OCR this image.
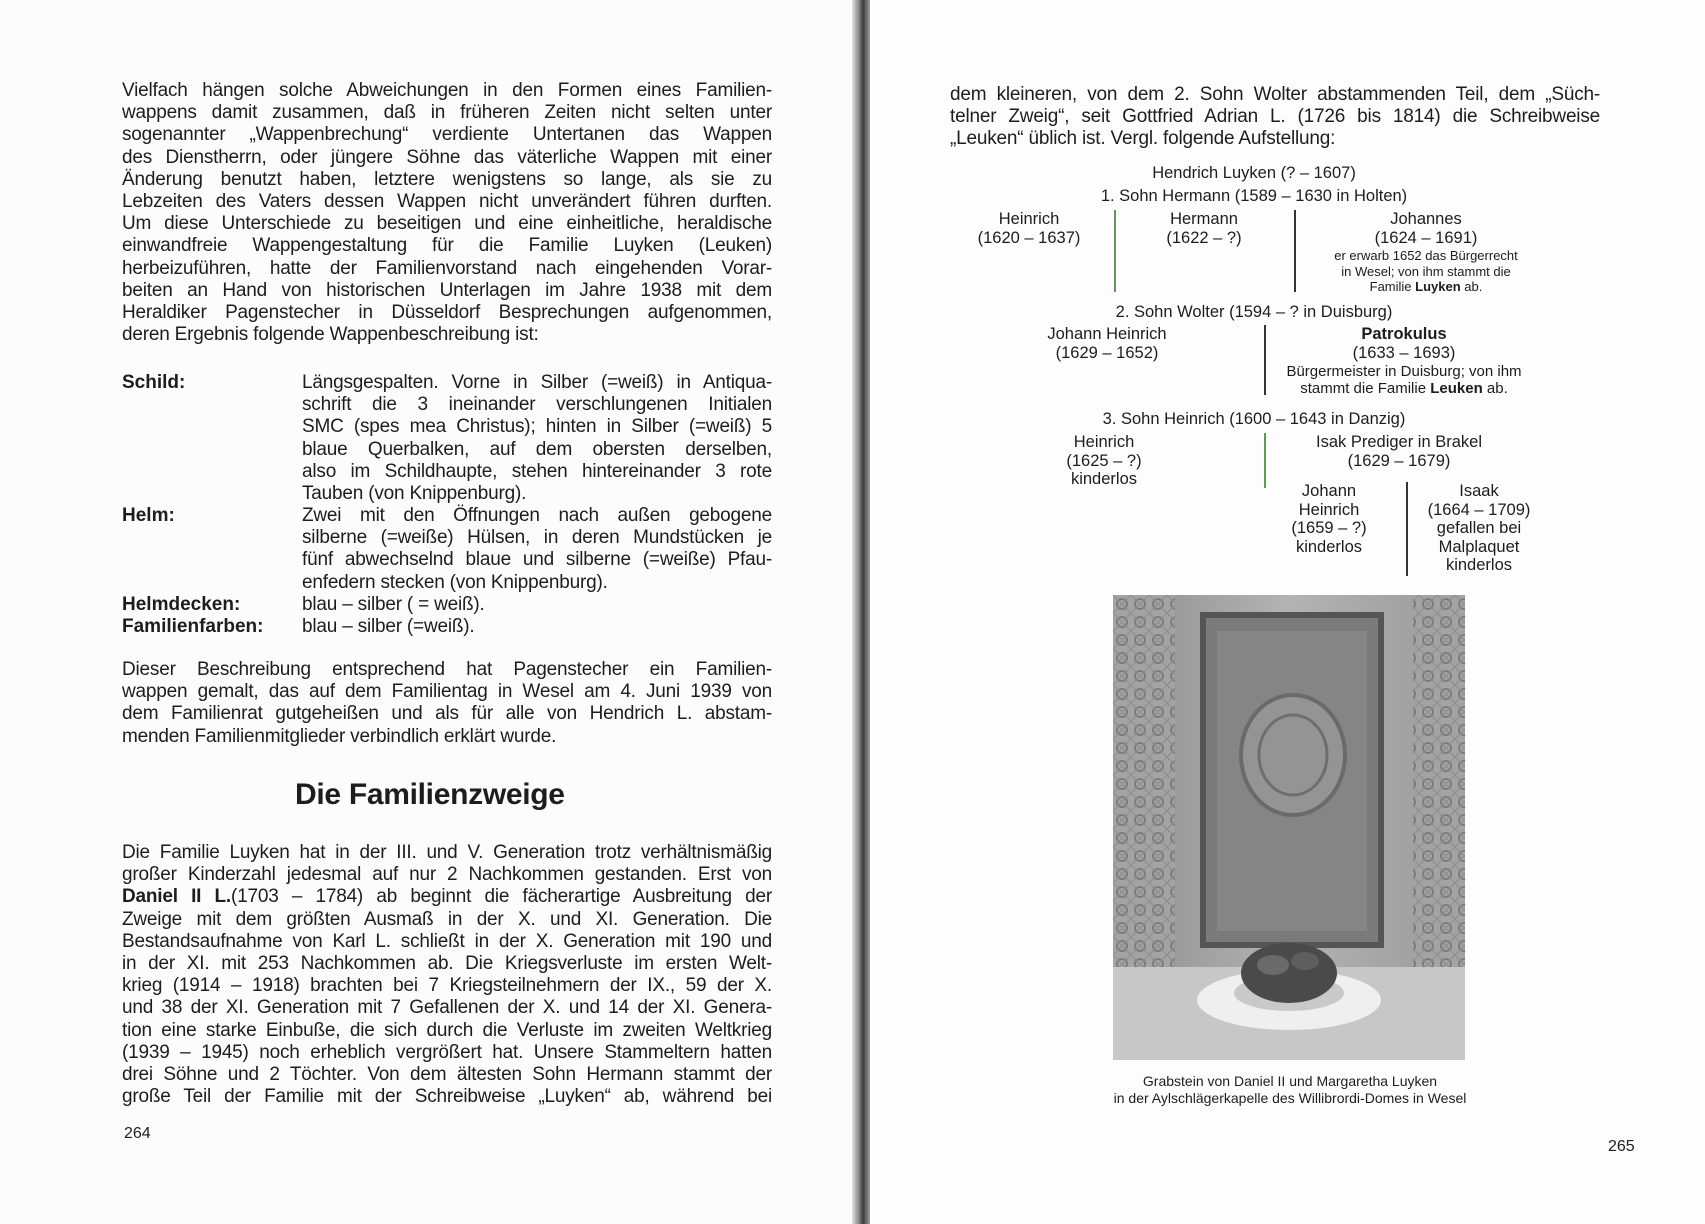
Vielfach hängen solche Abweichungen in den Formen eines Familien-
wappens damit zusammen, daß in früheren Zeiten nicht selten unter
sogenannter „Wappenbrechung“ verdiente Untertanen das Wappen
des Dienstherrn, oder jüngere Söhne das väterliche Wappen mit einer
Änderung benutzt haben, letztere wenigstens so lange, als sie zu
Lebzeiten des Vaters dessen Wappen nicht unverändert führen durften.
Um diese Unterschiede zu beseitigen und eine einheitliche, heraldische
einwandfreie Wappengestaltung für die Familie Luyken (Leuken)
herbeizuführen, hatte der Familienvorstand nach eingehenden Vorar-
beiten an Hand von historischen Unterlagen im Jahre 1938 mit dem
Heraldiker Pagenstecher in Düsseldorf Besprechungen aufgenommen,
deren Ergebnis folgende Wappenbeschreibung ist:

Schild:	Längsgespalten. Vorne in Silber (=weiß) in Antiqua-
schrift die 3 ineinander verschlungenen Initialen
SMC (spes mea Christus); hinten in Silber (=weiß) 5
blaue Querbalken, auf dem obersten derselben,
also im Schildhaupte, stehen hintereinander 3 rote
Tauben (von Knippenburg).
Helm:	Zwei mit den Öffnungen nach außen gebogene
silberne (=weiße) Hülsen, in deren Mundstücken je
fünf abwechselnd blaue und silberne (=weiße) Pfau-
enfedern stecken (von Knippenburg).
Helmdecken:	blau – silber ( = weiß).
Familienfarben: blau – silber (=weiß).

Dieser Beschreibung entsprechend hat Pagenstecher ein Familien-
wappen gemalt, das auf dem Familientag in Wesel am 4. Juni 1939 von
dem Familienrat gutgeheißen und als für alle von Hendrich L. abstam-
menden Familienmitglieder verbindlich erklärt wurde.

Die Familienzweige

Die Familie Luyken hat in der III. und V. Generation trotz verhältnismäßig
großer Kinderzahl jedesmal auf nur 2 Nachkommen gestanden. Erst von
Daniel II L.(1703 – 1784) ab beginnt die fächerartige Ausbreitung der
Zweige mit dem größten Ausmaß in der X. und XI. Generation. Die
Bestandsaufnahme von Karl L. schließt in der X. Generation mit 190 und
in der XI. mit 253 Nachkommen ab. Die Kriegsverluste im ersten Welt-
krieg (1914 – 1918) brachten bei 7 Kriegsteilnehmern der IX., 59 der X.
und 38 der XI. Generation mit 7 Gefallenen der X. und 14 der XI. Genera-
tion eine starke Einbuße, die sich durch die Verluste im zweiten Weltkrieg
(1939 – 1945) noch erheblich vergrößert hat. Unsere Stammeltern hatten
drei Söhne und 2 Töchter. Von dem ältesten Sohn Hermann stammt der
große Teil der Familie mit der Schreibweise „Luyken“ ab, während bei

264

dem kleineren, von dem 2. Sohn Wolter abstammenden Teil, dem „Süch-
telner Zweig“, seit Gottfried Adrian L. (1726 bis 1814) die Schreibweise
„Leuken“ üblich ist. Vergl. folgende Aufstellung:

Hendrich Luyken (? – 1607)
1. Sohn Hermann (1589 – 1630 in Holten)
Heinrich
(1620 – 1637)
Hermann
(1622 – ?)
Johannes
(1624 – 1691)
er erwarb 1652 das Bürgerrecht
in Wesel; von ihm stammt die
Familie Luyken ab.
2. Sohn Wolter (1594 – ? in Duisburg)
Johann Heinrich
(1629 – 1652)
Patrokulus
(1633 – 1693)
Bürgermeister in Duisburg; von ihm
stammt die Familie Leuken ab.
3. Sohn Heinrich (1600 – 1643 in Danzig)
Heinrich
(1625 – ?)
kinderlos
Isak Prediger in Brakel
(1629 – 1679)
Johann
Heinrich
(1659 – ?)
kinderlos
Isaak
(1664 – 1709)
gefallen bei
Malplaquet
kinderlos
Grabstein von Daniel II und Margaretha Luyken
in der Aylschlägerkapelle des Willibrordi-Domes in Wesel
265
